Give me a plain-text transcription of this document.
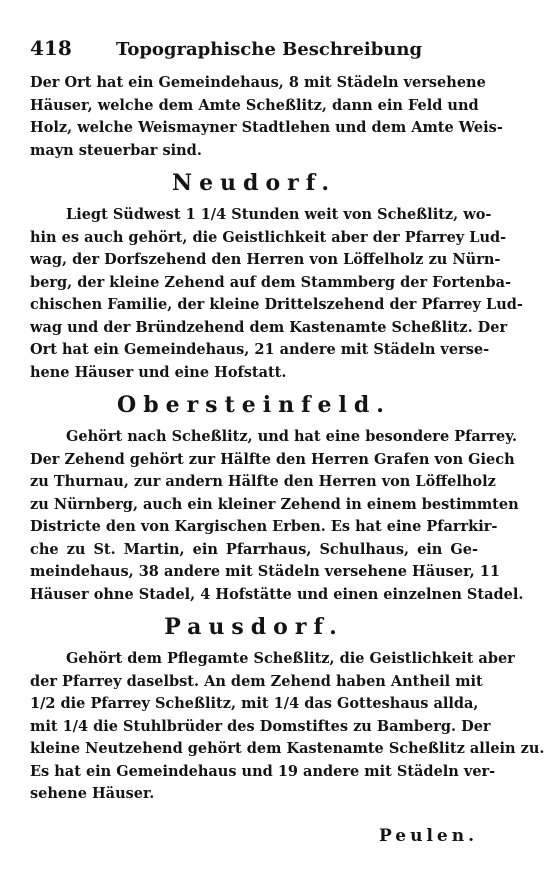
418	Topographische Beschreibung
Der Ort hat ein Gemeindehaus, 8 mit Städeln versehene
Häuser, welche dem Amte Scheßlitz, dann ein Feld und
Holz, welche Weismayner Stadtlehen und dem Amte Weis-
mayn steuerbar sind.
Neudorf.
Liegt Südwest 1 1/4 Stunden weit von Scheßlitz, wo-
hin es auch gehört, die Geistlichkeit aber der Pfarrey Lud-
wag, der Dorfszehend den Herren von Löffelholz zu Nürn-
berg, der kleine Zehend auf dem Stammberg der Fortenba-
chischen Familie, der kleine Drittelszehend der Pfarrey Lud-
wag und der Bründzehend dem Kastenamte Scheßlitz. Der
Ort hat ein Gemeindehaus, 21 andere mit Städeln verse-
hene Häuser und eine Hofstatt.
Obersteinfeld.
Gehört nach Scheßlitz, und hat eine besondere Pfarrey.
Der Zehend gehört zur Hälfte den Herren Grafen von Giech
zu Thurnau, zur andern Hälfte den Herren von Löffelholz
zu Nürnberg, auch ein kleiner Zehend in einem bestimmten
Districte den von Kargischen Erben. Es hat eine Pfarrkir-
che zu St. Martin, ein Pfarrhaus, Schulhaus, ein Ge-
meindehaus, 38 andere mit Städeln versehene Häuser, 11
Häuser ohne Stadel, 4 Hofstätte und einen einzelnen Stadel.
Pausdorf.
Gehört dem Pflegamte Scheßlitz, die Geistlichkeit aber
der Pfarrey daselbst. An dem Zehend haben Antheil mit
1/2 die Pfarrey Scheßlitz, mit 1/4 das Gotteshaus allda,
mit 1/4 die Stuhlbrüder des Domstiftes zu Bamberg. Der
kleine Neutzehend gehört dem Kastenamte Scheßlitz allein zu.
Es hat ein Gemeindehaus und 19 andere mit Städeln ver-
sehene Häuser.
Peulen.
